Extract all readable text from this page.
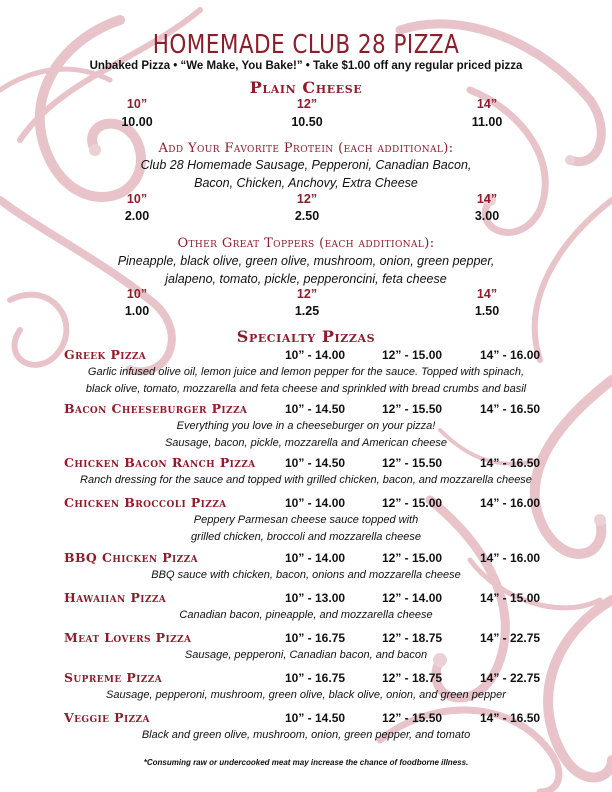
HOMEMADE CLUB 28 PIZZA
Unbaked Pizza • “We Make, You Bake!” • Take $1.00 off any regular priced pizza
Plain Cheese
10”	12”	14”
10.00	10.50	11.00
Add Your Favorite Protein (each additional):
Club 28 Homemade Sausage, Pepperoni, Canadian Bacon,
Bacon, Chicken, Anchovy, Extra Cheese
10”	12”	14”
2.00	2.50	3.00
Other Great Toppers (each additional):
Pineapple, black olive, green olive, mushroom, onion, green pepper,
jalapeno, tomato, pickle, pepperoncini, feta cheese
10”	12”	14”
1.00	1.25	1.50
Specialty Pizzas
Greek Pizza	10” - 14.00	12” - 15.00	14” - 16.00
Garlic infused olive oil, lemon juice and lemon pepper for the sauce. Topped with spinach,
black olive, tomato, mozzarella and feta cheese and sprinkled with bread crumbs and basil
Bacon Cheeseburger Pizza	10” - 14.50	12” - 15.50	14” - 16.50
Everything you love in a cheeseburger on your pizza!
Sausage, bacon, pickle, mozzarella and American cheese
Chicken Bacon Ranch Pizza 10” - 14.50	12” - 15.50	14” - 16.50
Ranch dressing for the sauce and topped with grilled chicken, bacon, and mozzarella cheese
Chicken Broccoli Pizza	10” - 14.00	12” - 15.00	14” - 16.00
Peppery Parmesan cheese sauce topped with
grilled chicken, broccoli and mozzarella cheese
BBQ Chicken Pizza	10” - 14.00	12” - 15.00	14” - 16.00
BBQ sauce with chicken, bacon, onions and mozzarella cheese
Hawaiian Pizza	10” - 13.00	12” - 14.00	14” - 15.00
Canadian bacon, pineapple, and mozzarella cheese
Meat Lovers Pizza	10” - 16.75	12” - 18.75	14” - 22.75
Sausage, pepperoni, Canadian bacon, and bacon
Supreme Pizza	10” - 16.75	12” - 18.75	14” - 22.75
Sausage, pepperoni, mushroom, green olive, black olive, onion, and green pepper
Veggie Pizza	10” - 14.50	12” - 15.50	14” - 16.50
Black and green olive, mushroom, onion, green pepper, and tomato
*Consuming raw or undercooked meat may increase the chance of foodborne illness.
